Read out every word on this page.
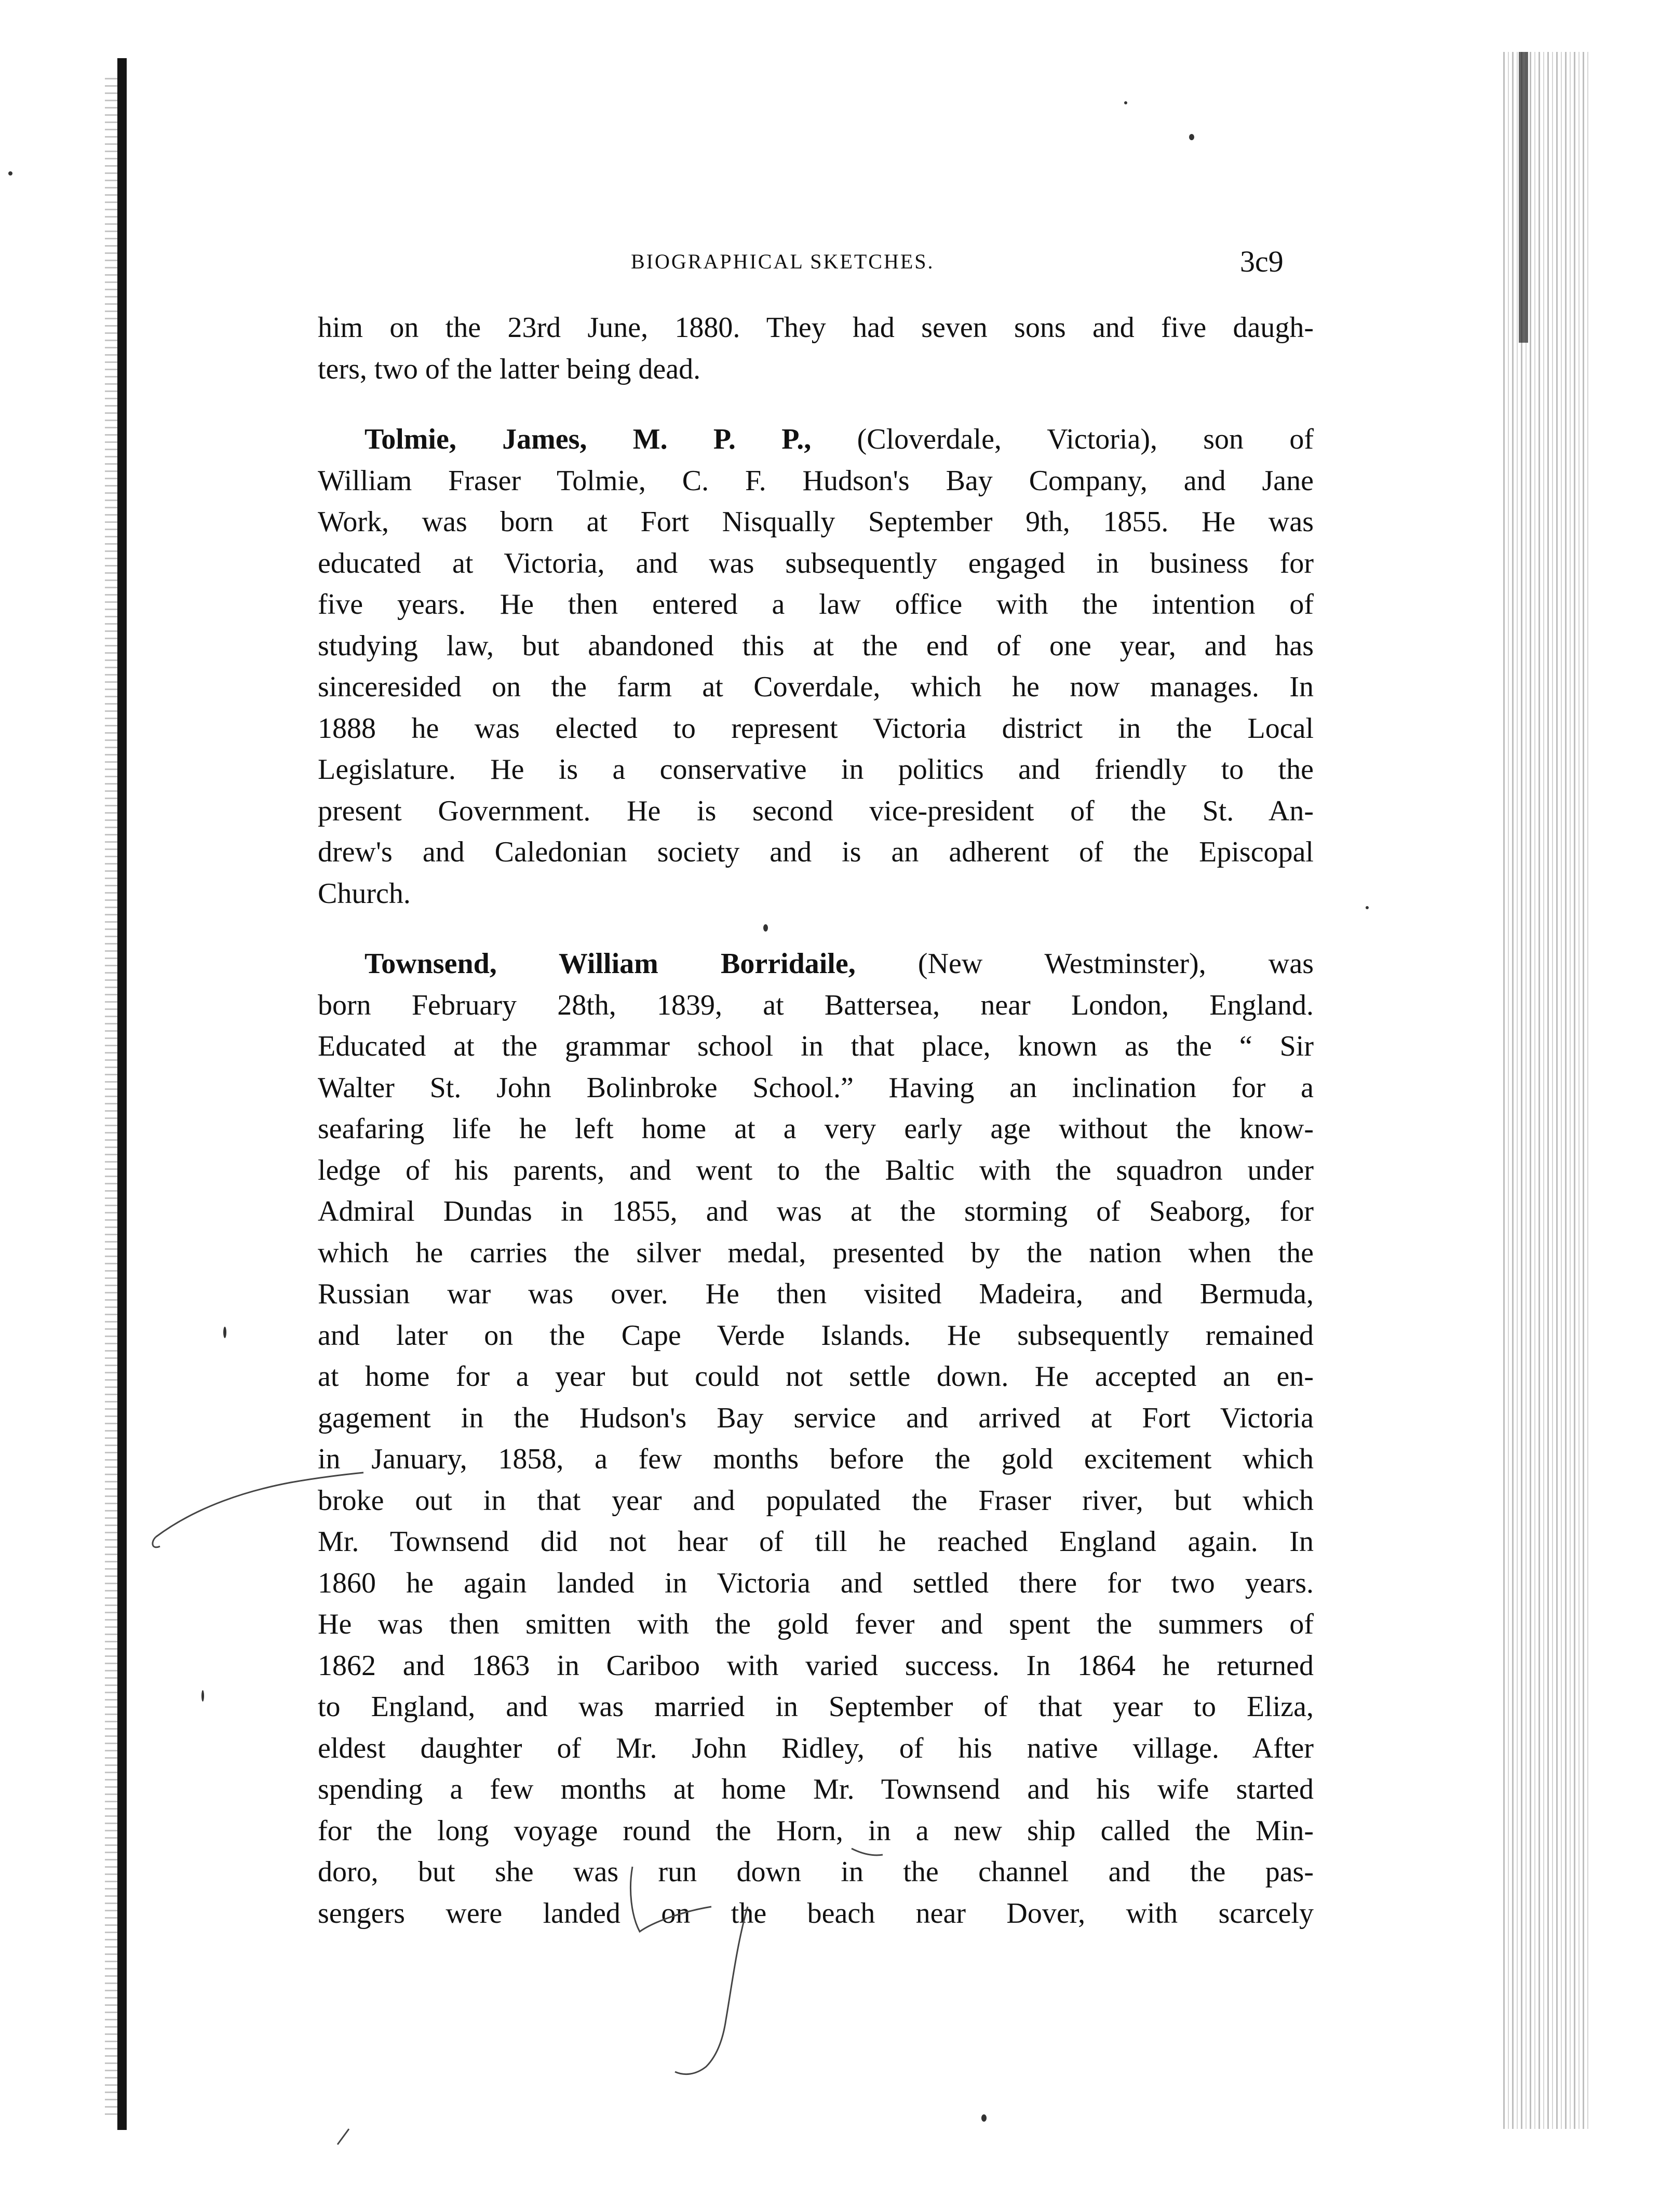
BIOGRAPHICAL SKETCHES.	3c9
him on the 23rd June, 1880. They had seven sons and five daugh-
ters, two of the latter being dead.
Tolmie, James, M. P. P., (Cloverdale, Victoria), son of
William Fraser Tolmie, C. F. Hudson's Bay Company, and Jane
Work, was born at Fort Nisqually September 9th, 1855. He was
educated at Victoria, and was subsequently engaged in business for
five years. He then entered a law office with the intention of
studying law, but abandoned this at the end of one year, and has
sinceresided on the farm at Coverdale, which he now manages. In
1888 he was elected to represent Victoria district in the Local
Legislature. He is a conservative in politics and friendly to the
present Government. He is second vice-president of the St. An-
drew's and Caledonian society and is an adherent of the Episcopal
Church.
Townsend, William Borridaile, (New Westminster), was
born February 28th, 1839, at Battersea, near London, England.
Educated at the grammar school in that place, known as the “ Sir
Walter St. John Bolinbroke School.” Having an inclination for a
seafaring life he left home at a very early age without the know-
ledge of his parents, and went to the Baltic with the squadron under
Admiral Dundas in 1855, and was at the storming of Seaborg, for
which he carries the silver medal, presented by the nation when the
Russian war was over. He then visited Madeira, and Bermuda,
and later on the Cape Verde Islands. He subsequently remained
at home for a year but could not settle down. He accepted an en-
gagement in the Hudson's Bay service and arrived at Fort Victoria
in January, 1858, a few months before the gold excitement which
broke out in that year and populated the Fraser river, but which
Mr. Townsend did not hear of till he reached England again. In
1860 he again landed in Victoria and settled there for two years.
He was then smitten with the gold fever and spent the summers of
1862 and 1863 in Cariboo with varied success. In 1864 he returned
to England, and was married in September of that year to Eliza,
eldest daughter of Mr. John Ridley, of his native village. After
spending a few months at home Mr. Townsend and his wife started
for the long voyage round the Horn, in a new ship called the Min-
doro, but she was run down in the channel and the pas-
sengers were landed on the beach near Dover, with scarcely
